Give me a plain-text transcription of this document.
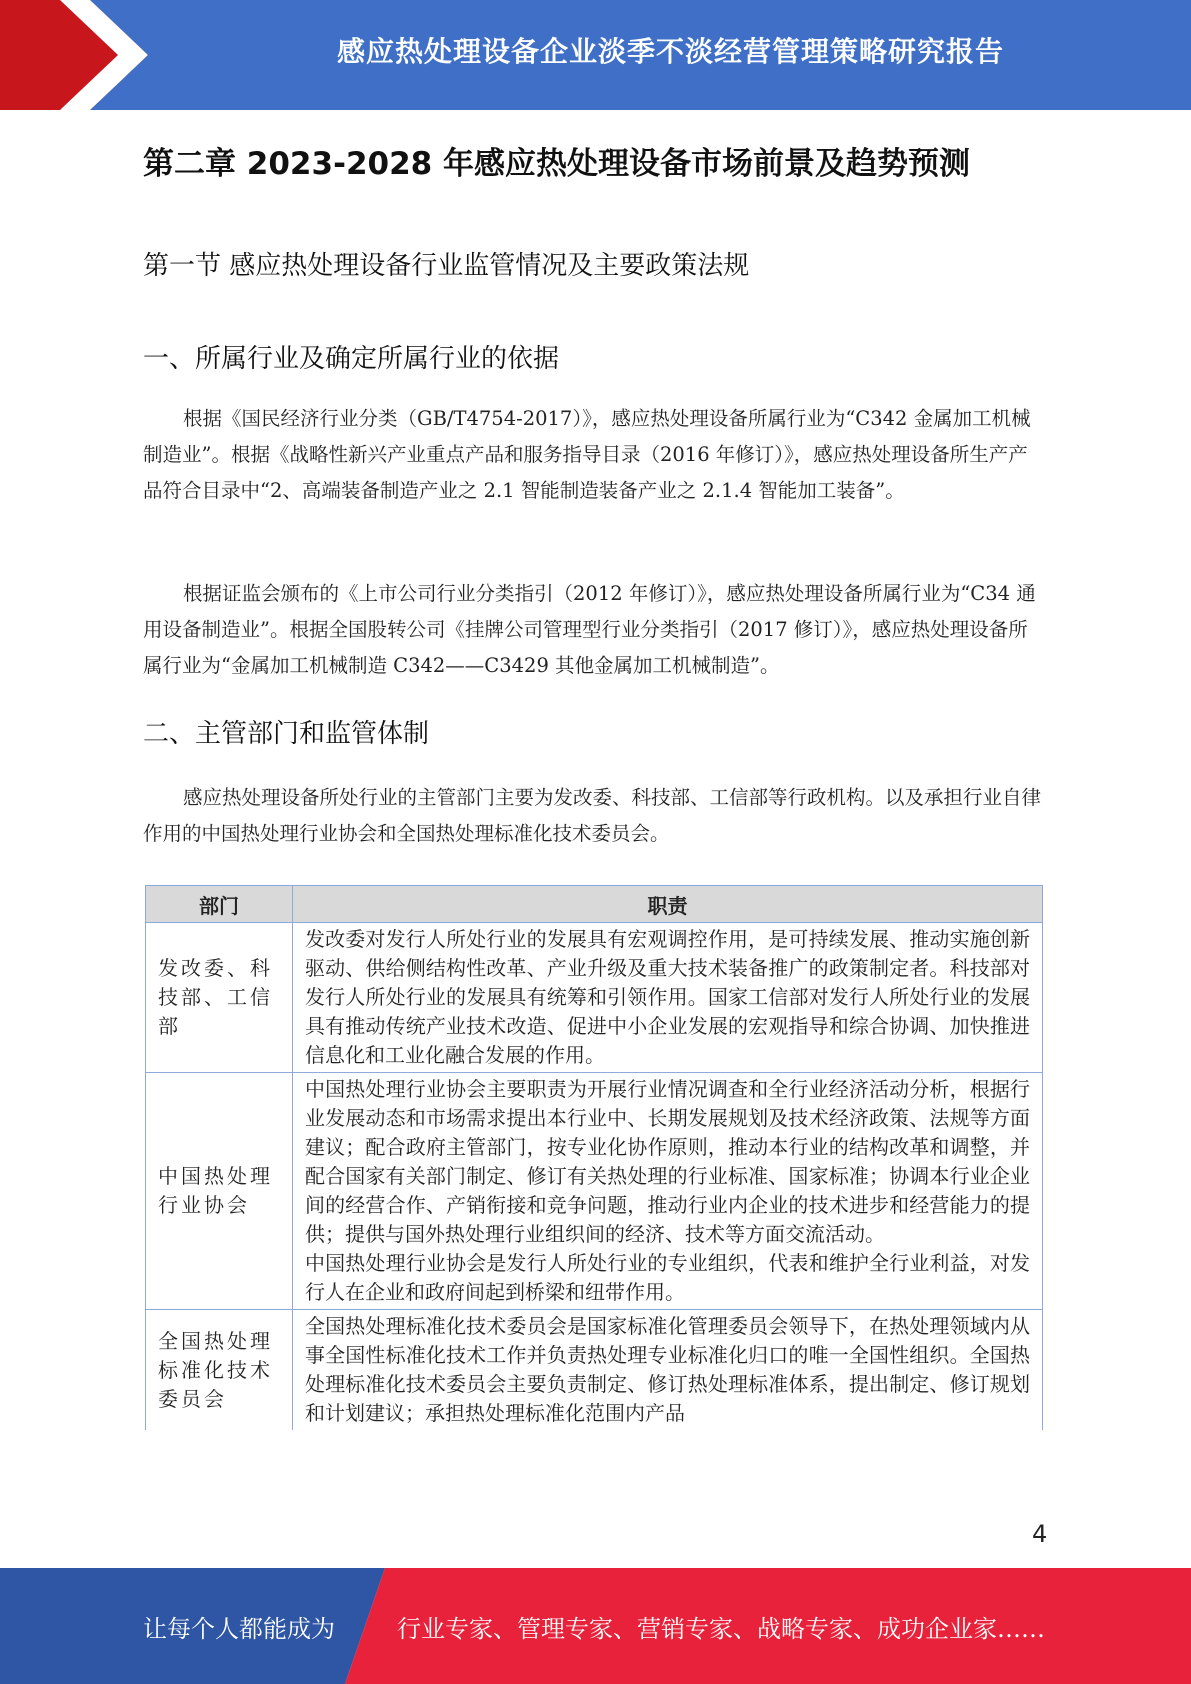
感应热处理设备企业淡季不淡经营管理策略研究报告
第二章 2023-2028 年感应热处理设备市场前景及趋势预测
第一节 感应热处理设备行业监管情况及主要政策法规
一、所属行业及确定所属行业的依据

根据《国民经济行业分类（GB/T4754-2017）》，感应热处理设备所属行业为“C342 金属加工机械制造业”。根据《战略性新兴产业重点产品和服务指导目录（2016 年修订）》，感应热处理设备所生产产品符合目录中“2、高端装备制造产业之 2.1 智能制造装备产业之 2.1.4 智能加工装备”。

根据证监会颁布的《上市公司行业分类指引（2012 年修订）》，感应热处理设备所属行业为“C34 通用设备制造业”。根据全国股转公司《挂牌公司管理型行业分类指引（2017 修订）》，感应热处理设备所属行业为“金属加工机械制造 C342——C3429 其他金属加工机械制造”。

二、主管部门和监管体制

感应热处理设备所处行业的主管部门主要为发改委、科技部、工信部等行政机构。以及承担行业自律作用的中国热处理行业协会和全国热处理标准化技术委员会。

部门	职责
发改委、科技部、工信部	发改委对发行人所处行业的发展具有宏观调控作用，是可持续发展、推动实施创新驱动、供给侧结构性改革、产业升级及重大技术装备推广的政策制定者。科技部对发行人所处行业的发展具有统筹和引领作用。国家工信部对发行人所处行业的发展具有推动传统产业技术改造、促进中小企业发展的宏观指导和综合协调、加快推进信息化和工业化融合发展的作用。
中国热处理行业协会	中国热处理行业协会主要职责为开展行业情况调查和全行业经济活动分析，根据行业发展动态和市场需求提出本行业中、长期发展规划及技术经济政策、法规等方面建议；配合政府主管部门，按专业化协作原则，推动本行业的结构改革和调整，并配合国家有关部门制定、修订有关热处理的行业标准、国家标准；协调本行业企业间的经营合作、产销衔接和竞争问题，推动行业内企业的技术进步和经营能力的提供；提供与国外热处理行业组织间的经济、技术等方面交流活动。
中国热处理行业协会是发行人所处行业的专业组织，代表和维护全行业利益，对发行人在企业和政府间起到桥梁和纽带作用。

全国热处理标准化技术委员会	全国热处理标准化技术委员会是国家标准化管理委员会领导下，在热处理领域内从事全国性标准化技术工作并负责热处理专业标准化归口的唯一全国性组织。全国热处理标准化技术委员会主要负责制定、修订热处理标准体系，提出制定、修订规划和计划建议；承担热处理标准化范围内产品
4
让每个人都能成为	行业专家、管理专家、营销专家、战略专家、成功企业家……
